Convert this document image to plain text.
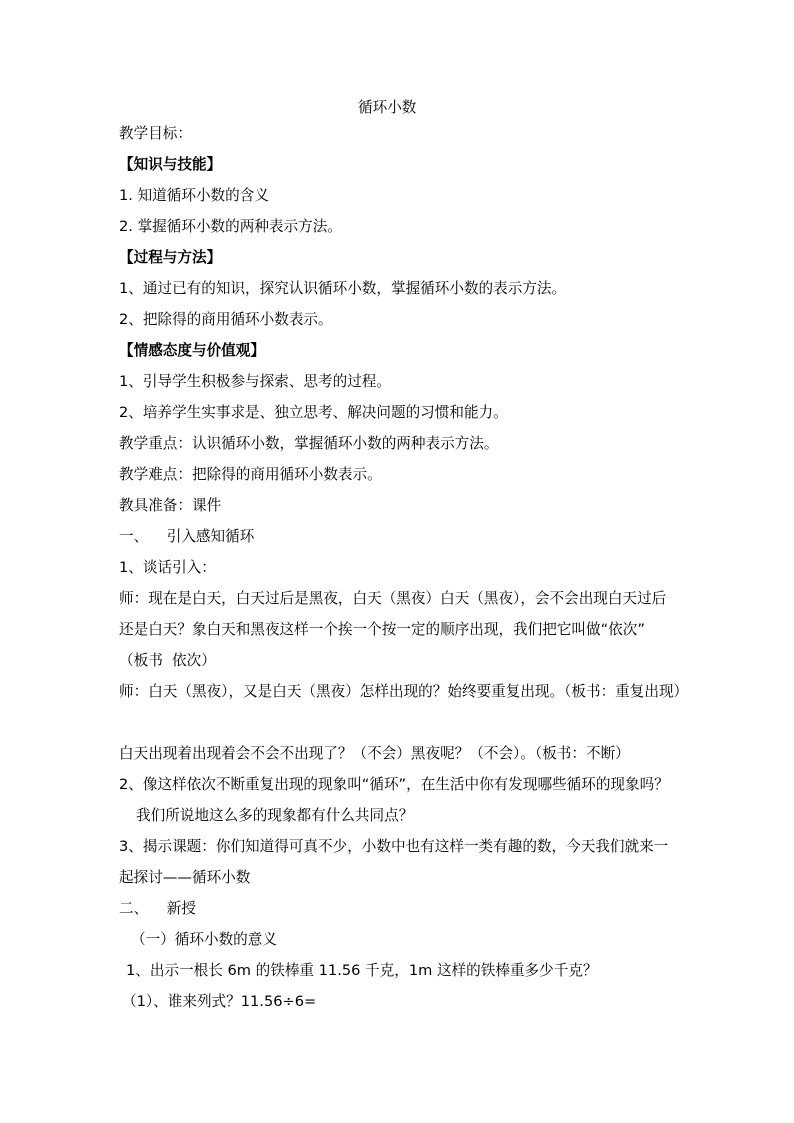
循环小数
教学目标：
【知识与技能】
1. 知道循环小数的含义
2. 掌握循环小数的两种表示方法。
【过程与方法】
1、通过已有的知识，探究认识循环小数，掌握循环小数的表示方法。
2、把除得的商用循环小数表示。
【情感态度与价值观】
1、引导学生积极参与探索、思考的过程。
2、培养学生实事求是、独立思考、解决问题的习惯和能力。
教学重点：认识循环小数，掌握循环小数的两种表示方法。
教学难点：把除得的商用循环小数表示。
教具准备：课件
一、    引入感知循环
1、谈话引入：
师：现在是白天，白天过后是黑夜，白天（黑夜）白天（黑夜），会不会出现白天过后
还是白天？象白天和黑夜这样一个挨一个按一定的顺序出现，我们把它叫做“依次”
（板书  依次）
师：白天（黑夜），又是白天（黑夜）怎样出现的？始终要重复出现。（板书：重复出现）
白天出现着出现着会不会不出现了？（不会）黑夜呢？（不会）。（板书：不断）
2、像这样依次不断重复出现的现象叫“循环”，在生活中你有发现哪些循环的现象吗？
我们所说地这么多的现象都有什么共同点？
3、揭示课题：你们知道得可真不少，小数中也有这样一类有趣的数，今天我们就来一
起探讨——循环小数
二、    新授
（一）循环小数的意义
1、出示一根长 6m 的铁棒重 11.56 千克，1m 这样的铁棒重多少千克？
（1）、谁来列式？11.56÷6=
